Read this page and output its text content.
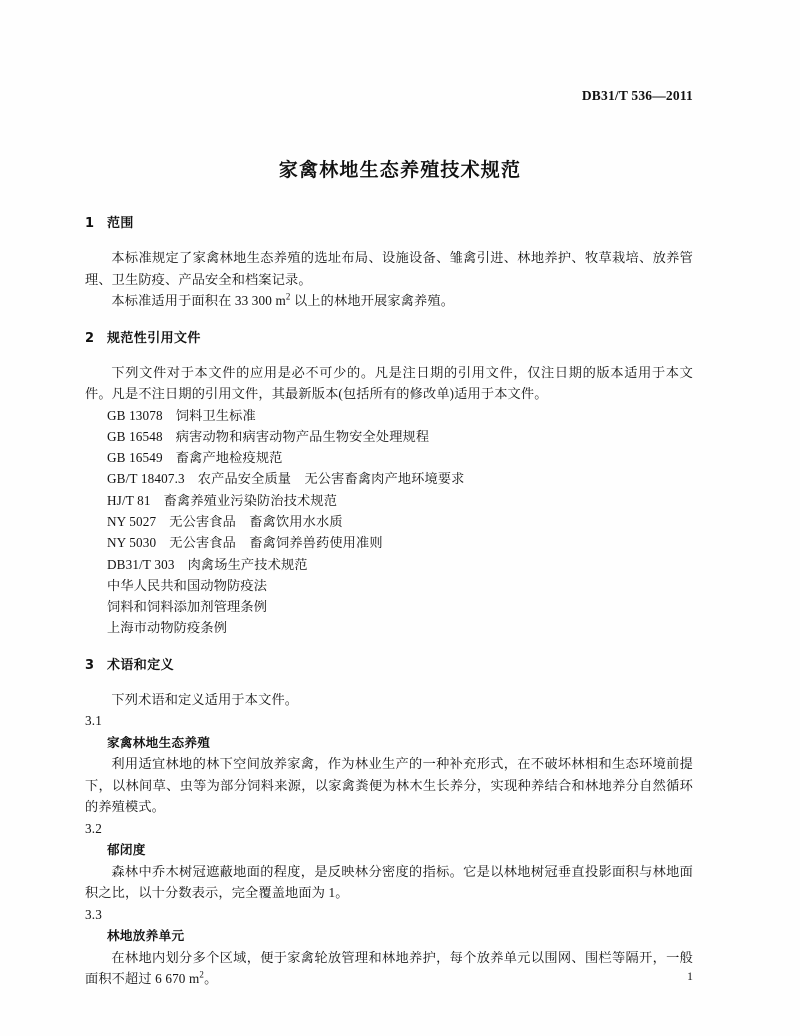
DB31/T 536—2011
家禽林地生态养殖技术规范
1 范围

本标准规定了家禽林地生态养殖的选址布局、设施设备、雏禽引进、林地养护、牧草栽培、放养管理、卫生防疫、产品安全和档案记录。

本标准适用于面积在 33 300 $m^2$ 以上的林地开展家禽养殖。

2 规范性引用文件

下列文件对于本文件的应用是必不可少的。凡是注日期的引用文件，仅注日期的版本适用于本文件。凡是不注日期的引用文件，其最新版本(包括所有的修改单)适用于本文件。

GB 13078 饲料卫生标准
GB 16548 病害动物和病害动物产品生物安全处理规程
GB 16549 畜禽产地检疫规范
GB/T 18407.3 农产品安全质量　无公害畜禽肉产地环境要求
HJ/T 81 畜禽养殖业污染防治技术规范
NY 5027 无公害食品　畜禽饮用水水质
NY 5030 无公害食品　畜禽饲养兽药使用准则
DB31/T 303 肉禽场生产技术规范
中华人民共和国动物防疫法
饲料和饲料添加剂管理条例
上海市动物防疫条例
3 术语和定义

下列术语和定义适用于本文件。

3.1

家禽林地生态养殖

利用适宜林地的林下空间放养家禽，作为林业生产的一种补充形式，在不破坏林相和生态环境前提下，以林间草、虫等为部分饲料来源，以家禽粪便为林木生长养分，实现种养结合和林地养分自然循环的养殖模式。

3.2

郁闭度

森林中乔木树冠遮蔽地面的程度，是反映林分密度的指标。它是以林地树冠垂直投影面积与林地面积之比，以十分数表示，完全覆盖地面为 1。

3.3

林地放养单元

在林地内划分多个区域，便于家禽轮放管理和林地养护，每个放养单元以围网、围栏等隔开，一般面积不超过 6 670 $m^2$。	1
